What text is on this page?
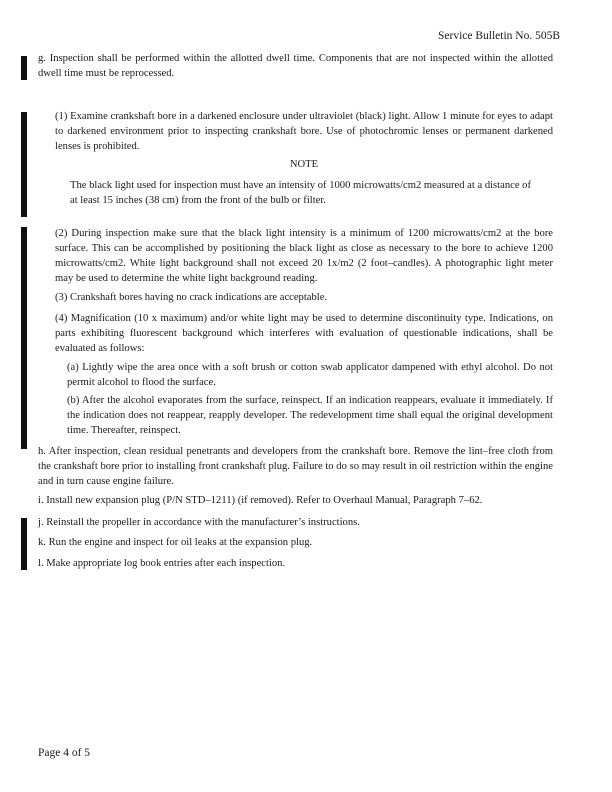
Service Bulletin No. 505B

g. Inspection shall be performed within the allotted dwell time. Components that are not inspected within the allotted dwell time must be reprocessed.

(1) Examine crankshaft bore in a darkened enclosure under ultraviolet (black) light. Allow 1 minute for eyes to adapt to darkened environment prior to inspecting crankshaft bore. Use of photochromic lenses or permanent darkened lenses is prohibited.

NOTE

The black light used for inspection must have an intensity of 1000 microwatts/cm2 measured at a distance of at least 15 inches (38 cm) from the front of the bulb or filter.

(2) During inspection make sure that the black light intensity is a minimum of 1200 microwatts/cm2 at the bore surface. This can be accomplished by positioning the black light as close as necessary to the bore to achieve 1200 microwatts/cm2. White light background shall not exceed 20 1x/m2 (2 foot–candles). A photographic light meter may be used to determine the white light background reading.

(3) Crankshaft bores having no crack indications are acceptable.

(4) Magnification (10 x maximum) and/or white light may be used to determine discontinuity type. Indications, on parts exhibiting fluorescent background which interferes with evaluation of questionable indications, shall be evaluated as follows:

(a) Lightly wipe the area once with a soft brush or cotton swab applicator dampened with ethyl alcohol. Do not permit alcohol to flood the surface.

(b) After the alcohol evaporates from the surface, reinspect. If an indication reappears, evaluate it immediately. If the indication does not reappear, reapply developer. The redevelopment time shall equal the original development time. Thereafter, reinspect.

h. After inspection, clean residual penetrants and developers from the crankshaft bore. Remove the lint–free cloth from the crankshaft bore prior to installing front crankshaft plug. Failure to do so may result in oil restriction within the engine and in turn cause engine failure.

i. Install new expansion plug (P/N STD–1211) (if removed). Refer to Overhaul Manual, Paragraph 7–62.

j. Reinstall the propeller in accordance with the manufacturer’s instructions.

k. Run the engine and inspect for oil leaks at the expansion plug.

l. Make appropriate log book entries after each inspection.

Page 4 of 5
